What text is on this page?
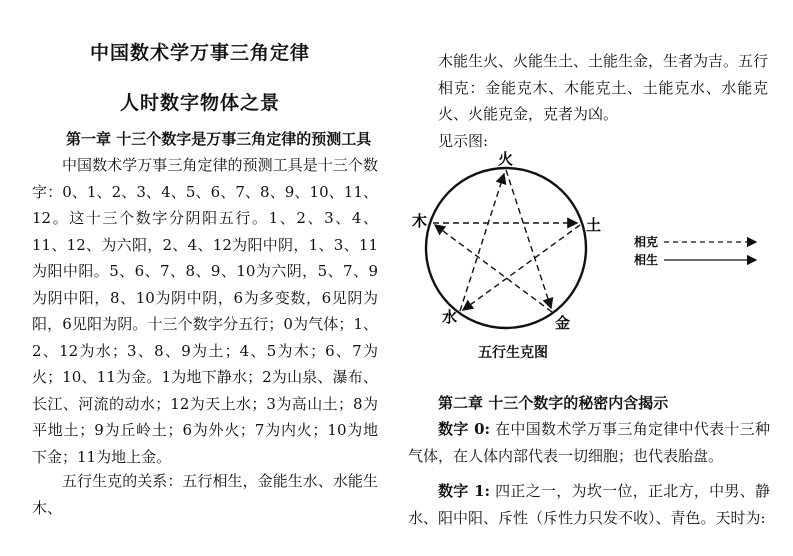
中国数术学万事三角定律
人时数字物体之景
第一章 十三个数字是万事三角定律的预测工具
中国数术学万事三角定律的预测工具是十三个数字：0、1、2、3、4、5、6、7、8、9、10、11、12。这十三个数字分阴阳五行。1、2、3、4、11、12、为六阳，2、4、12为阳中阴，1、3、11为阳中阳。5、6、7、8、9、10为六阴，5、7、9为阴中阳，8、10为阴中阴，6为多变数，6见阴为阳，6见阳为阴。十三个数字分五行；0为气体；1、2、12为水；3、8、9为土；4、5为木；6、7为火；10、11为金。1为地下静水；2为山泉、瀑布、长江、河流的动水；12为天上水；3为高山土；8为平地土；9为丘岭土；6为外火；7为内火；10为地下金；11为地上金。
五行生克的关系：五行相生，金能生水、水能生木、
木能生火、火能生土、土能生金，生者为吉。五行相克：金能克木、木能克土、土能克水、水能克火、火能克金，克者为凶。
见示图:
火
土
金
水
木
相克
相生
五行生克图
第二章 十三个数字的秘密内含揭示
数字 0: 在中国数术学万事三角定律中代表十三种气体，在人体内部代表一切细胞；也代表胎盘。
数字 1: 四正之一，为坎一位，正北方，中男、静水、阳中阳、斥性（斥性力只发不收）、青色。天时为:
